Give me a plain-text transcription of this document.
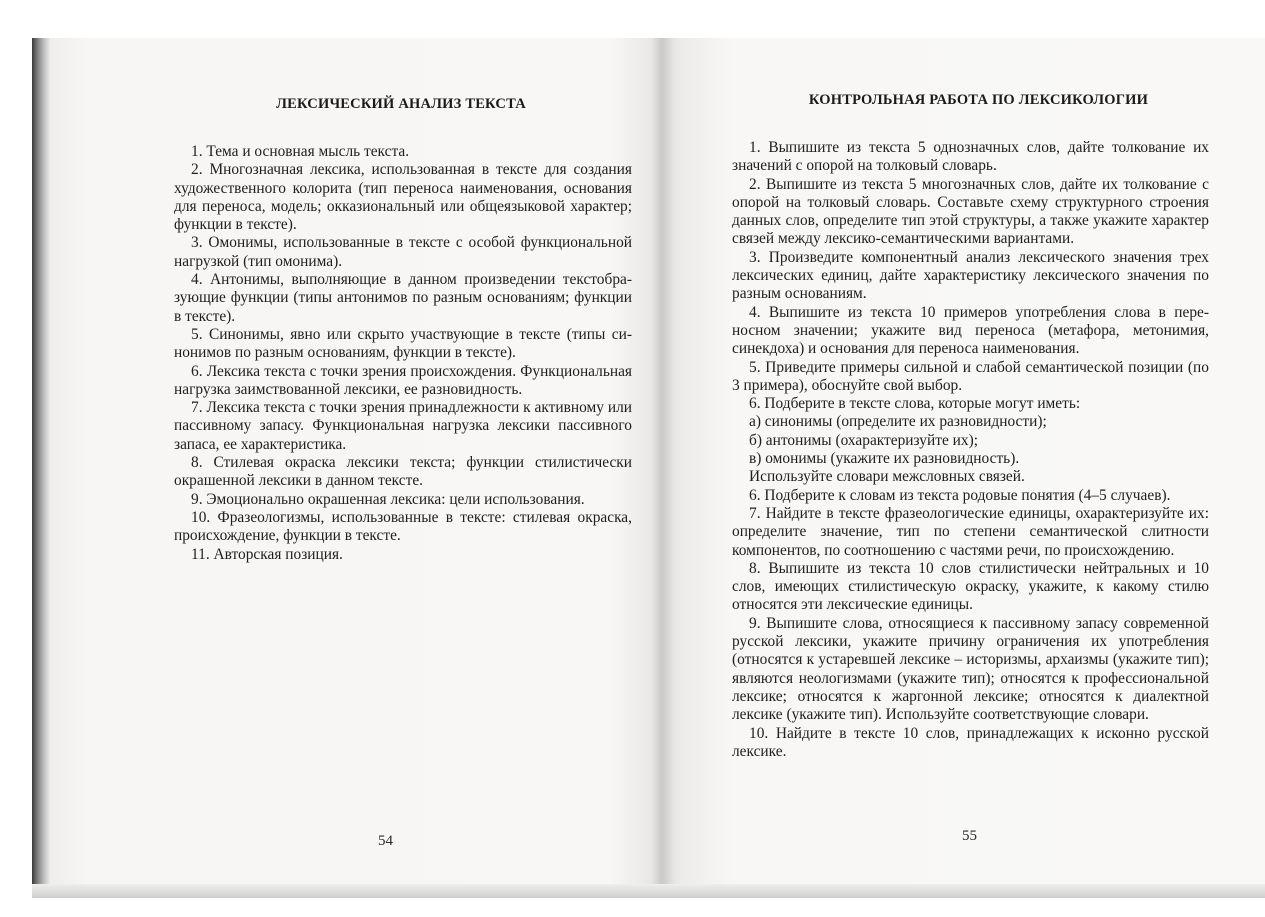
ЛЕКСИЧЕСКИЙ АНАЛИЗ ТЕКСТА

1. Тема и основная мысль текста.

2. Многозначная лексика, использованная в тексте для создания художественного колорита (тип переноса наименования, основания для переноса, модель; окказиональный или общеязыковой характер; функции в тексте).

3. Омонимы, использованные в тексте с особой функциональной нагрузкой (тип омонима).

4. Антонимы, выполняющие в данном произведении текстобразующие функции (типы антонимов по разным основаниям; функции в тексте).

5. Синонимы, явно или скрыто участвующие в тексте (типы синонимов по разным основаниям, функции в тексте).

6. Лексика текста с точки зрения происхождения. Функциональная нагрузка заимствованной лексики, ее разновидность.

7. Лексика текста с точки зрения принадлежности к активному или пассивному запасу. Функциональная нагрузка лексики пассивного запаса, ее характеристика.

8. Стилевая окраска лексики текста; функции стилистически окрашенной лексики в данном тексте.

9. Эмоционально окрашенная лексика: цели использования.

10. Фразеологизмы, использованные в тексте: стилевая окраска, происхождение, функции в тексте.

11. Авторская позиция.

54
КОНТРОЛЬНАЯ РАБОТА ПО ЛЕКСИКОЛОГИИ

1. Выпишите из текста 5 однозначных слов, дайте толкование их значений с опорой на толковый словарь.

2. Выпишите из текста 5 многозначных слов, дайте их толкование с опорой на толковый словарь. Составьте схему структурного строения данных слов, определите тип этой структуры, а также укажите характер связей между лексико-семантическими вариантами.

3. Произведите компонентный анализ лексического значения трех лексических единиц, дайте характеристику лексического значения по разным основаниям.

4. Выпишите из текста 10 примеров употребления слова в переносном значении; укажите вид переноса (метафора, метонимия, синекдоха) и основания для переноса наименования.

5. Приведите примеры сильной и слабой семантической позиции (по 3 примера), обоснуйте свой выбор.

6. Подберите в тексте слова, которые могут иметь:

а) синонимы (определите их разновидности);

б) антонимы (охарактеризуйте их);

в) омонимы (укажите их разновидность).

Используйте словари межсловных связей.

6. Подберите к словам из текста родовые понятия (4–5 случаев).

7. Найдите в тексте фразеологические единицы, охарактеризуйте их: определите значение, тип по степени семантической слитности компонентов, по соотношению с частями речи, по происхождению.

8. Выпишите из текста 10 слов стилистически нейтральных и 10 слов, имеющих стилистическую окраску, укажите, к какому стилю относятся эти лексические единицы.

9. Выпишите слова, относящиеся к пассивному запасу современной русской лексики, укажите причину ограничения их употребления (относятся к устаревшей лексике – историзмы, архаизмы (укажите тип); являются неологизмами (укажите тип); относятся к профессиональной лексике; относятся к жаргонной лексике; относятся к диалектной лексике (укажите тип). Используйте соответствующие словари.

10. Найдите в тексте 10 слов, принадлежащих к исконно русской лексике.

55
